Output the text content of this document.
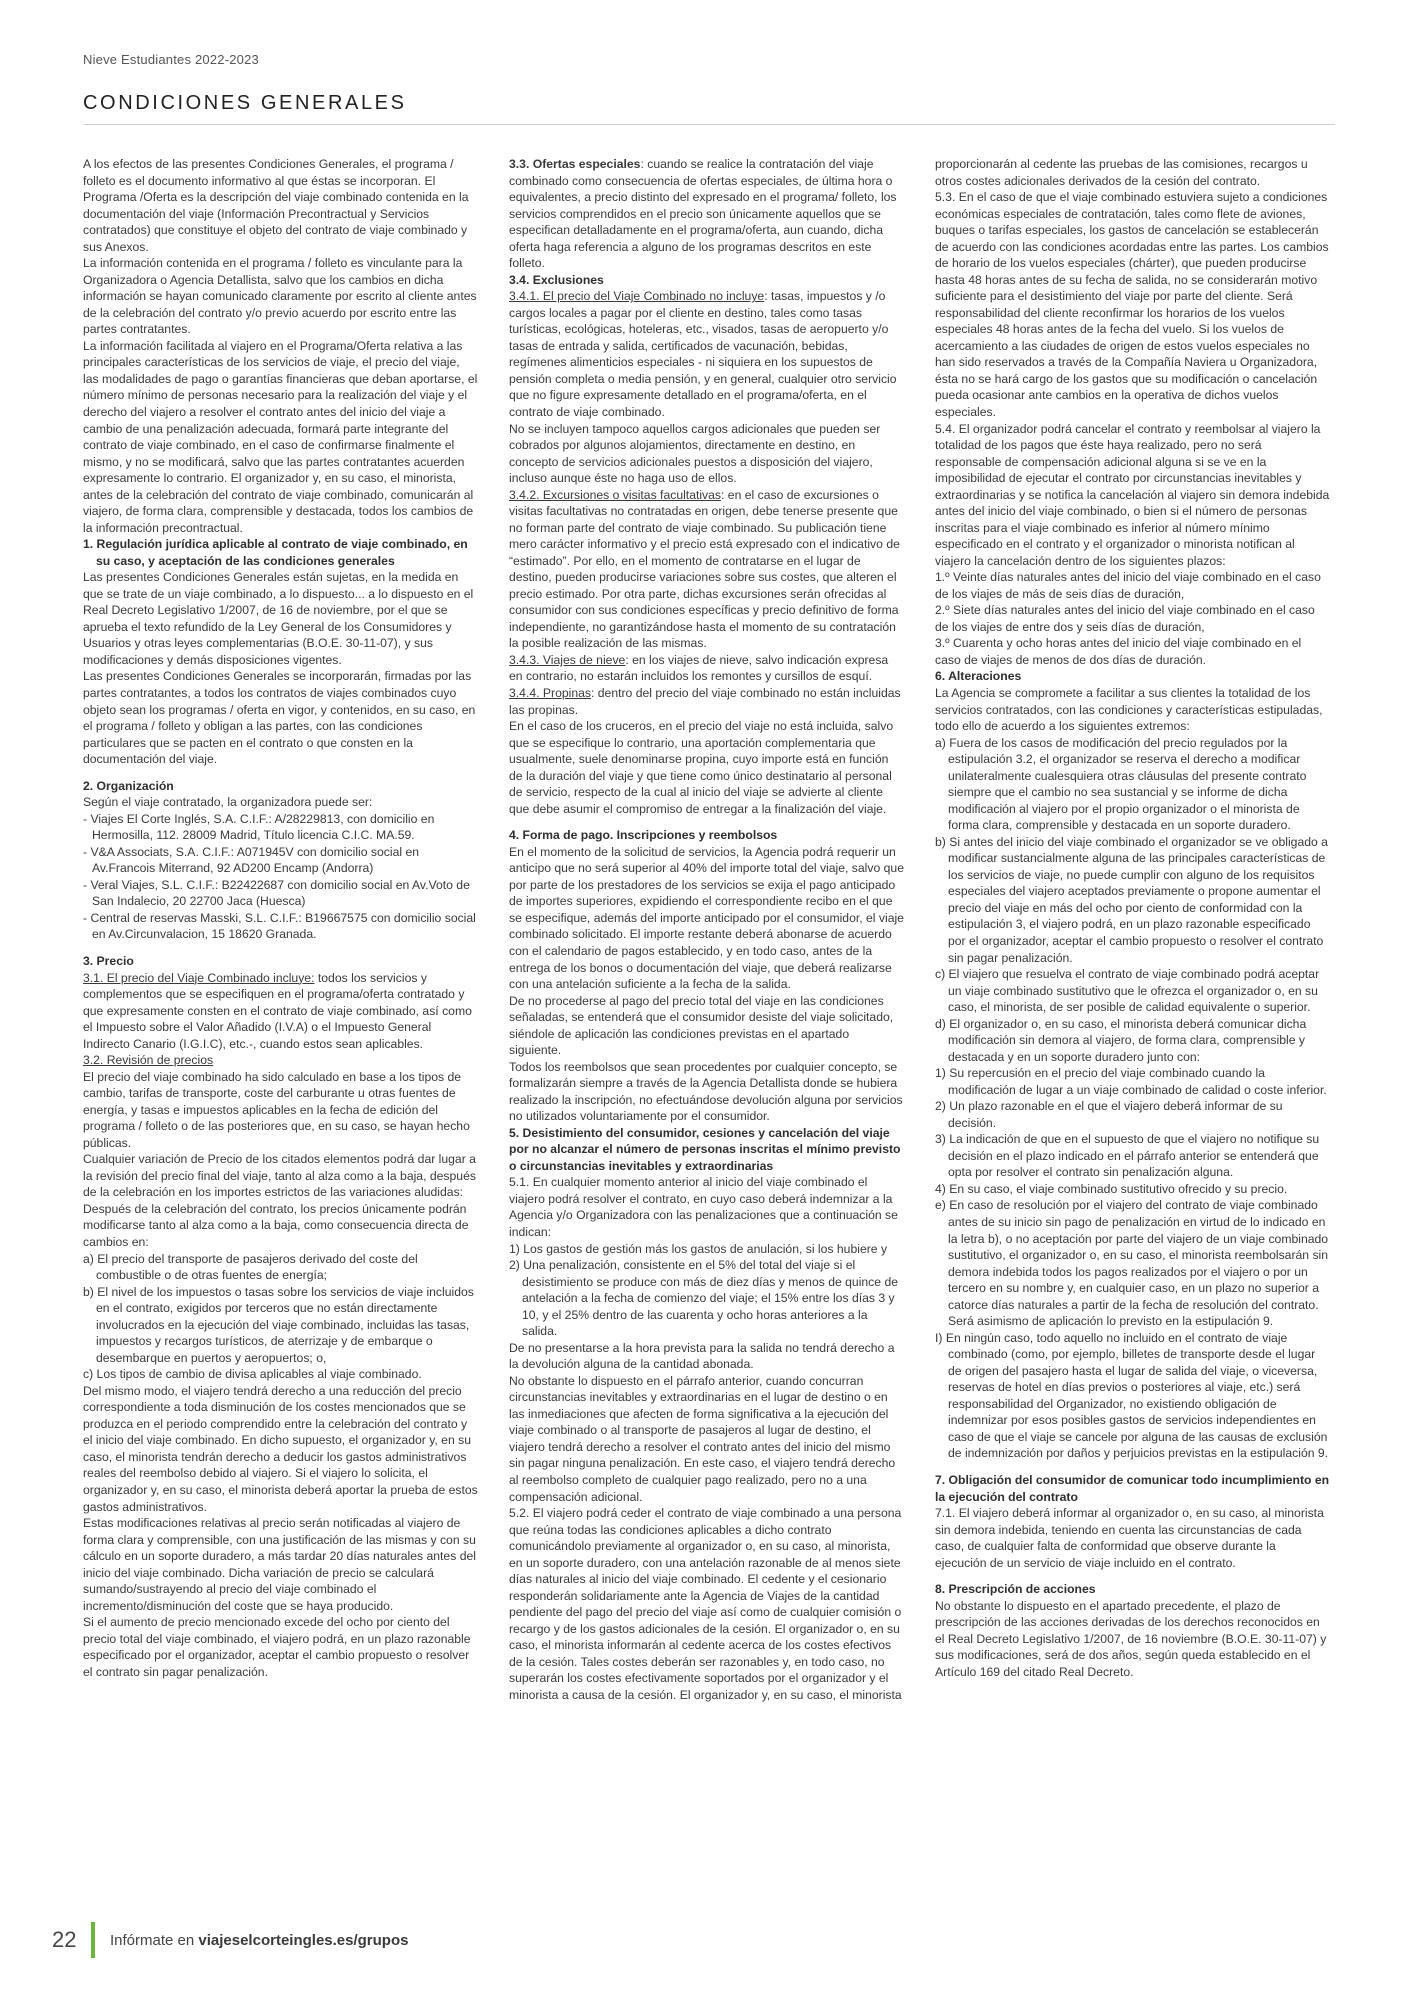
Nieve Estudiantes 2022-2023
CONDICIONES GENERALES

A los efectos de las presentes Condiciones Generales, el programa / folleto es el documento informativo al que éstas se incorporan. El Programa /Oferta es la descripción del viaje combinado contenida en la documentación del viaje (Información Precontractual y Servicios contratados) que constituye el objeto del contrato de viaje combinado y sus Anexos.

La información contenida en el programa / folleto es vinculante para la Organizadora o Agencia Detallista, salvo que los cambios en dicha información se hayan comunicado claramente por escrito al cliente antes de la celebración del contrato y/o previo acuerdo por escrito entre las partes contratantes.

La información facilitada al viajero en el Programa/Oferta relativa a las principales características de los servicios de viaje, el precio del viaje, las modalidades de pago o garantías financieras que deban aportarse, el número mínimo de personas necesario para la realización del viaje y el derecho del viajero a resolver el contrato antes del inicio del viaje a cambio de una penalización adecuada, formará parte integrante del contrato de viaje combinado, en el caso de confirmarse finalmente el mismo, y no se modificará, salvo que las partes contratantes acuerden expresamente lo contrario. El organizador y, en su caso, el minorista, antes de la celebración del contrato de viaje combinado, comunicarán al viajero, de forma clara, comprensible y destacada, todos los cambios de la información precontractual.

1. Regulación jurídica aplicable al contrato de viaje combinado, en su caso, y aceptación de las condiciones generales

Las presentes Condiciones Generales están sujetas, en la medida en que se trate de un viaje combinado, a lo dispuesto... a lo dispuesto en el Real Decreto Legislativo 1/2007, de 16 de noviembre, por el que se aprueba el texto refundido de la Ley General de los Consumidores y Usuarios y otras leyes complementarias (B.O.E. 30-11-07), y sus modificaciones y demás disposiciones vigentes.

Las presentes Condiciones Generales se incorporarán, firmadas por las partes contratantes, a todos los contratos de viajes combinados cuyo objeto sean los programas / oferta en vigor, y contenidos, en su caso, en el programa / folleto y obligan a las partes, con las condiciones particulares que se pacten en el contrato o que consten en la documentación del viaje.

2. Organización

Según el viaje contratado, la organizadora puede ser:

- Viajes El Corte Inglés, S.A. C.I.F.: A/28229813, con domicilio en Hermosilla, 112. 28009 Madrid, Título licencia C.I.C. MA.59.

- V&A Associats, S.A. C.I.F.: A071945V con domicilio social en Av.Francois Miterrand, 92 AD200 Encamp (Andorra)

- Veral Viajes, S.L. C.I.F.: B22422687 con domicilio social en Av.Voto de San Indalecio, 20 22700 Jaca (Huesca)

- Central de reservas Masski, S.L. C.I.F.: B19667575 con domicilio social en Av.Circunvalacion, 15 18620 Granada.

3. Precio

3.1. El precio del Viaje Combinado incluye: todos los servicios y complementos que se especifiquen en el programa/oferta contratado y que expresamente consten en el contrato de viaje combinado, así como el Impuesto sobre el Valor Añadido (I.V.A) o el Impuesto General Indirecto Canario (I.G.I.C), etc.-, cuando estos sean aplicables.

3.2. Revisión de precios

El precio del viaje combinado ha sido calculado en base a los tipos de cambio, tarifas de transporte, coste del carburante u otras fuentes de energía, y tasas e impuestos aplicables en la fecha de edición del programa / folleto o de las posteriores que, en su caso, se hayan hecho públicas.

Cualquier variación de Precio de los citados elementos podrá dar lugar a la revisión del precio final del viaje, tanto al alza como a la baja, después de la celebración en los importes estrictos de las variaciones aludidas:

Después de la celebración del contrato, los precios únicamente podrán modificarse tanto al alza como a la baja, como consecuencia directa de cambios en:

a) El precio del transporte de pasajeros derivado del coste del combustible o de otras fuentes de energía;

b) El nivel de los impuestos o tasas sobre los servicios de viaje incluidos en el contrato, exigidos por terceros que no están directamente involucrados en la ejecución del viaje combinado, incluidas las tasas, impuestos y recargos turísticos, de aterrizaje y de embarque o desembarque en puertos y aeropuertos; o,

c) Los tipos de cambio de divisa aplicables al viaje combinado.

Del mismo modo, el viajero tendrá derecho a una reducción del precio correspondiente a toda disminución de los costes mencionados que se produzca en el periodo comprendido entre la celebración del contrato y el inicio del viaje combinado. En dicho supuesto, el organizador y, en su caso, el minorista tendrán derecho a deducir los gastos administrativos reales del reembolso debido al viajero. Si el viajero lo solicita, el organizador y, en su caso, el minorista deberá aportar la prueba de estos gastos administrativos.

Estas modificaciones relativas al precio serán notificadas al viajero de forma clara y comprensible, con una justificación de las mismas y con su cálculo en un soporte duradero, a más tardar 20 días naturales antes del inicio del viaje combinado. Dicha variación de precio se calculará sumando/sustrayendo al precio del viaje combinado el incremento/disminución del coste que se haya producido.

Si el aumento de precio mencionado excede del ocho por ciento del precio total del viaje combinado, el viajero podrá, en un plazo razonable especificado por el organizador, aceptar el cambio propuesto o resolver el contrato sin pagar penalización.

3.3. Ofertas especiales: cuando se realice la contratación del viaje combinado como consecuencia de ofertas especiales, de última hora o equivalentes, a precio distinto del expresado en el programa/ folleto, los servicios comprendidos en el precio son únicamente aquellos que se especifican detalladamente en el programa/oferta, aun cuando, dicha oferta haga referencia a alguno de los programas descritos en este folleto.

3.4. Exclusiones

3.4.1. El precio del Viaje Combinado no incluye: tasas, impuestos y /o cargos locales a pagar por el cliente en destino, tales como tasas turísticas, ecológicas, hoteleras, etc., visados, tasas de aeropuerto y/o tasas de entrada y salida, certificados de vacunación, bebidas, regímenes alimenticios especiales - ni siquiera en los supuestos de pensión completa o media pensión, y en general, cualquier otro servicio que no figure expresamente detallado en el programa/oferta, en el contrato de viaje combinado.

No se incluyen tampoco aquellos cargos adicionales que pueden ser cobrados por algunos alojamientos, directamente en destino, en concepto de servicios adicionales puestos a disposición del viajero, incluso aunque éste no haga uso de ellos.

3.4.2. Excursiones o visitas facultativas: en el caso de excursiones o visitas facultativas no contratadas en origen, debe tenerse presente que no forman parte del contrato de viaje combinado. Su publicación tiene mero carácter informativo y el precio está expresado con el indicativo de “estimado”. Por ello, en el momento de contratarse en el lugar de destino, pueden producirse variaciones sobre sus costes, que alteren el precio estimado. Por otra parte, dichas excursiones serán ofrecidas al consumidor con sus condiciones específicas y precio definitivo de forma independiente, no garantizándose hasta el momento de su contratación la posible realización de las mismas.

3.4.3. Viajes de nieve: en los viajes de nieve, salvo indicación expresa en contrario, no estarán incluidos los remontes y cursillos de esquí.

3.4.4. Propinas: dentro del precio del viaje combinado no están incluidas las propinas.

En el caso de los cruceros, en el precio del viaje no está incluida, salvo que se especifique lo contrario, una aportación complementaria que usualmente, suele denominarse propina, cuyo importe está en función de la duración del viaje y que tiene como único destinatario al personal de servicio, respecto de la cual al inicio del viaje se advierte al cliente que debe asumir el compromiso de entregar a la finalización del viaje.

4. Forma de pago. Inscripciones y reembolsos

En el momento de la solicitud de servicios, la Agencia podrá requerir un anticipo que no será superior al 40% del importe total del viaje, salvo que por parte de los prestadores de los servicios se exija el pago anticipado de importes superiores, expidiendo el correspondiente recibo en el que se especifique, además del importe anticipado por el consumidor, el viaje combinado solicitado. El importe restante deberá abonarse de acuerdo con el calendario de pagos establecido, y en todo caso, antes de la entrega de los bonos o documentación del viaje, que deberá realizarse con una antelación suficiente a la fecha de la salida.

De no procederse al pago del precio total del viaje en las condiciones señaladas, se entenderá que el consumidor desiste del viaje solicitado, siéndole de aplicación las condiciones previstas en el apartado siguiente.

Todos los reembolsos que sean procedentes por cualquier concepto, se formalizarán siempre a través de la Agencia Detallista donde se hubiera realizado la inscripción, no efectuándose devolución alguna por servicios no utilizados voluntariamente por el consumidor.

5. Desistimiento del consumidor, cesiones y cancelación del viaje por no alcanzar el número de personas inscritas el mínimo previsto o circunstancias inevitables y extraordinarias

5.1. En cualquier momento anterior al inicio del viaje combinado el viajero podrá resolver el contrato, en cuyo caso deberá indemnizar a la Agencia y/o Organizadora con las penalizaciones que a continuación se indican:

1) Los gastos de gestión más los gastos de anulación, si los hubiere y

2) Una penalización, consistente en el 5% del total del viaje si el desistimiento se produce con más de diez días y menos de quince de antelación a la fecha de comienzo del viaje; el 15% entre los días 3 y 10, y el 25% dentro de las cuarenta y ocho horas anteriores a la salida.

De no presentarse a la hora prevista para la salida no tendrá derecho a la devolución alguna de la cantidad abonada.

No obstante lo dispuesto en el párrafo anterior, cuando concurran circunstancias inevitables y extraordinarias en el lugar de destino o en las inmediaciones que afecten de forma significativa a la ejecución del viaje combinado o al transporte de pasajeros al lugar de destino, el viajero tendrá derecho a resolver el contrato antes del inicio del mismo sin pagar ninguna penalización. En este caso, el viajero tendrá derecho al reembolso completo de cualquier pago realizado, pero no a una compensación adicional.

5.2. El viajero podrá ceder el contrato de viaje combinado a una persona que reúna todas las condiciones aplicables a dicho contrato comunicándolo previamente al organizador o, en su caso, al minorista, en un soporte duradero, con una antelación razonable de al menos siete días naturales al inicio del viaje combinado. El cedente y el cesionario responderán solidariamente ante la Agencia de Viajes de la cantidad pendiente del pago del precio del viaje así como de cualquier comisión o recargo y de los gastos adicionales de la cesión. El organizador o, en su caso, el minorista informarán al cedente acerca de los costes efectivos de la cesión. Tales costes deberán ser razonables y, en todo caso, no superarán los costes efectivamente soportados por el organizador y el minorista a causa de la cesión. El organizador y, en su caso, el minorista

proporcionarán al cedente las pruebas de las comisiones, recargos u otros costes adicionales derivados de la cesión del contrato.

5.3. En el caso de que el viaje combinado estuviera sujeto a condiciones económicas especiales de contratación, tales como flete de aviones, buques o tarifas especiales, los gastos de cancelación se establecerán de acuerdo con las condiciones acordadas entre las partes. Los cambios de horario de los vuelos especiales (chárter), que pueden producirse hasta 48 horas antes de su fecha de salida, no se considerarán motivo suficiente para el desistimiento del viaje por parte del cliente. Será responsabilidad del cliente reconfirmar los horarios de los vuelos especiales 48 horas antes de la fecha del vuelo. Si los vuelos de acercamiento a las ciudades de origen de estos vuelos especiales no han sido reservados a través de la Compañía Naviera u Organizadora, ésta no se hará cargo de los gastos que su modificación o cancelación pueda ocasionar ante cambios en la operativa de dichos vuelos especiales.

5.4. El organizador podrá cancelar el contrato y reembolsar al viajero la totalidad de los pagos que éste haya realizado, pero no será responsable de compensación adicional alguna si se ve en la imposibilidad de ejecutar el contrato por circunstancias inevitables y extraordinarias y se notifica la cancelación al viajero sin demora indebida antes del inicio del viaje combinado, o bien si el número de personas inscritas para el viaje combinado es inferior al número mínimo especificado en el contrato y el organizador o minorista notifican al viajero la cancelación dentro de los siguientes plazos:

1.º Veinte días naturales antes del inicio del viaje combinado en el caso de los viajes de más de seis días de duración,

2.º Siete días naturales antes del inicio del viaje combinado en el caso de los viajes de entre dos y seis días de duración,

3.º Cuarenta y ocho horas antes del inicio del viaje combinado en el caso de viajes de menos de dos días de duración.

6. Alteraciones

La Agencia se compromete a facilitar a sus clientes la totalidad de los servicios contratados, con las condiciones y características estipuladas, todo ello de acuerdo a los siguientes extremos:

a) Fuera de los casos de modificación del precio regulados por la estipulación 3.2, el organizador se reserva el derecho a modificar unilateralmente cualesquiera otras cláusulas del presente contrato siempre que el cambio no sea sustancial y se informe de dicha modificación al viajero por el propio organizador o el minorista de forma clara, comprensible y destacada en un soporte duradero.

b) Si antes del inicio del viaje combinado el organizador se ve obligado a modificar sustancialmente alguna de las principales características de los servicios de viaje, no puede cumplir con alguno de los requisitos especiales del viajero aceptados previamente o propone aumentar el precio del viaje en más del ocho por ciento de conformidad con la estipulación 3, el viajero podrá, en un plazo razonable especificado por el organizador, aceptar el cambio propuesto o resolver el contrato sin pagar penalización.

c) El viajero que resuelva el contrato de viaje combinado podrá aceptar un viaje combinado sustitutivo que le ofrezca el organizador o, en su caso, el minorista, de ser posible de calidad equivalente o superior.

d) El organizador o, en su caso, el minorista deberá comunicar dicha modificación sin demora al viajero, de forma clara, comprensible y destacada y en un soporte duradero junto con:

1) Su repercusión en el precio del viaje combinado cuando la modificación de lugar a un viaje combinado de calidad o coste inferior.

2) Un plazo razonable en el que el viajero deberá informar de su decisión.

3) La indicación de que en el supuesto de que el viajero no notifique su decisión en el plazo indicado en el párrafo anterior se entenderá que opta por resolver el contrato sin penalización alguna.

4) En su caso, el viaje combinado sustitutivo ofrecido y su precio.

e) En caso de resolución por el viajero del contrato de viaje combinado antes de su inicio sin pago de penalización en virtud de lo indicado en la letra b), o no aceptación por parte del viajero de un viaje combinado sustitutivo, el organizador o, en su caso, el minorista reembolsarán sin demora indebida todos los pagos realizados por el viajero o por un tercero en su nombre y, en cualquier caso, en un plazo no superior a catorce días naturales a partir de la fecha de resolución del contrato. Será asimismo de aplicación lo previsto en la estipulación 9.

I) En ningún caso, todo aquello no incluido en el contrato de viaje combinado (como, por ejemplo, billetes de transporte desde el lugar de origen del pasajero hasta el lugar de salida del viaje, o viceversa, reservas de hotel en días previos o posteriores al viaje, etc.) será responsabilidad del Organizador, no existiendo obligación de indemnizar por esos posibles gastos de servicios independientes en caso de que el viaje se cancele por alguna de las causas de exclusión de indemnización por daños y perjuicios previstas en la estipulación 9.

7. Obligación del consumidor de comunicar todo incumplimiento en la ejecución del contrato

7.1. El viajero deberá informar al organizador o, en su caso, al minorista sin demora indebida, teniendo en cuenta las circunstancias de cada caso, de cualquier falta de conformidad que observe durante la ejecución de un servicio de viaje incluido en el contrato.

8. Prescripción de acciones

No obstante lo dispuesto en el apartado precedente, el plazo de prescripción de las acciones derivadas de los derechos reconocidos en el Real Decreto Legislativo 1/2007, de 16 noviembre (B.O.E. 30-11-07) y sus modificaciones, será de dos años, según queda establecido en el Artículo 169 del citado Real Decreto.

22 Infórmate en viajeselcorteingles.es/grupos
